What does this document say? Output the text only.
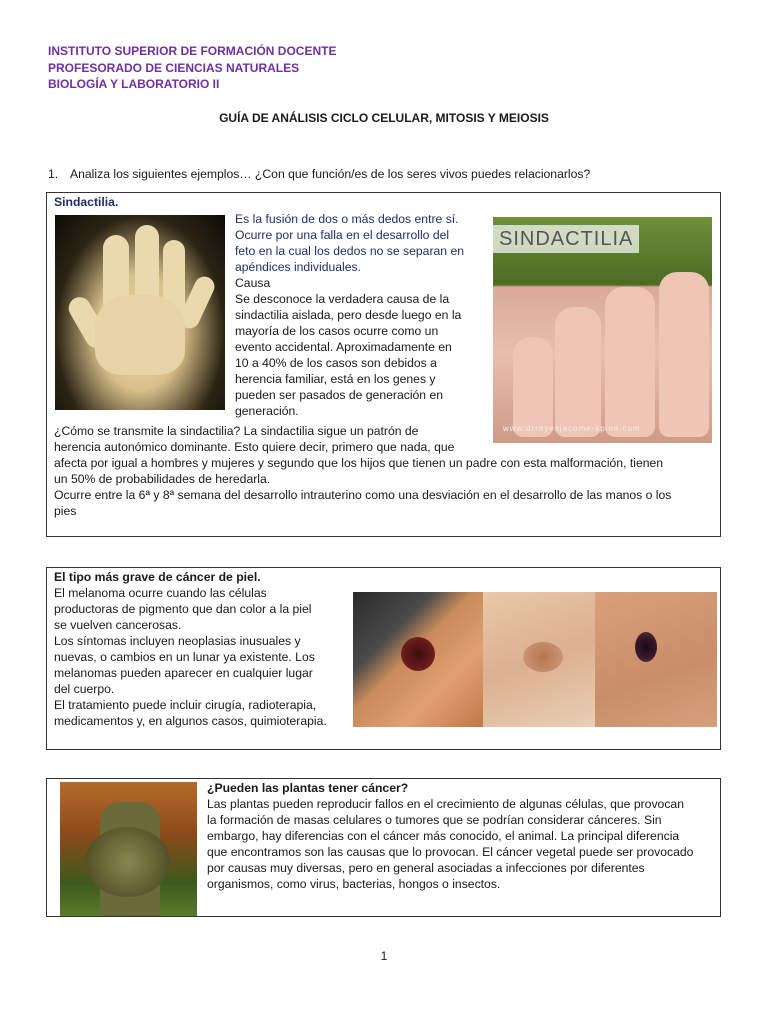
INSTITUTO SUPERIOR DE FORMACIÓN DOCENTE
PROFESORADO DE CIENCIAS NATURALES
BIOLOGÍA Y LABORATORIO II
GUÍA DE ANÁLISIS CICLO CELULAR, MITOSIS Y MEIOSIS
1. Analiza los siguientes ejemplos… ¿Con que función/es de los seres vivos puedes relacionarlos?
Sindactilia.
Es la fusión de dos o más dedos entre sí.
Ocurre por una falla en el desarrollo del
feto en la cual los dedos no se separan en
apéndices individuales.
Causa
Se desconoce la verdadera causa de la
sindactilia aislada, pero desde luego en la
mayoría de los casos ocurre como un
evento accidental. Aproximadamente en
10 a 40% de los casos son debidos a
herencia familiar, está en los genes y
pueden ser pasados de generación en
generación.
SINDACTILIA
www.drreyesjacome-spine.com
¿Cómo se transmite la sindactilia? La sindactilia sigue un patrón de
herencia autonómico dominante. Esto quiere decir, primero que nada, que
afecta por igual a hombres y mujeres y segundo que los hijos que tienen un padre con esta malformación, tienen
un 50% de probabilidades de heredarla.
Ocurre entre la 6ª y 8ª semana del desarrollo intrauterino como una desviación en el desarrollo de las manos o los
pies
El tipo más grave de cáncer de piel.
El melanoma ocurre cuando las células
productoras de pigmento que dan color a la piel
se vuelven cancerosas.
Los síntomas incluyen neoplasias inusuales y
nuevas, o cambios en un lunar ya existente. Los
melanomas pueden aparecer en cualquier lugar
del cuerpo.
El tratamiento puede incluir cirugía, radioterapia,
medicamentos y, en algunos casos, quimioterapia.
¿Pueden las plantas tener cáncer?
Las plantas pueden reproducir fallos en el crecimiento de algunas células, que provocan
la formación de masas celulares o tumores que se podrían considerar cánceres. Sin
embargo, hay diferencias con el cáncer más conocido, el animal. La principal diferencia
que encontramos son las causas que lo provocan. El cáncer vegetal puede ser provocado
por causas muy diversas, pero en general asociadas a infecciones por diferentes
organismos, como virus, bacterias, hongos o insectos.
1
